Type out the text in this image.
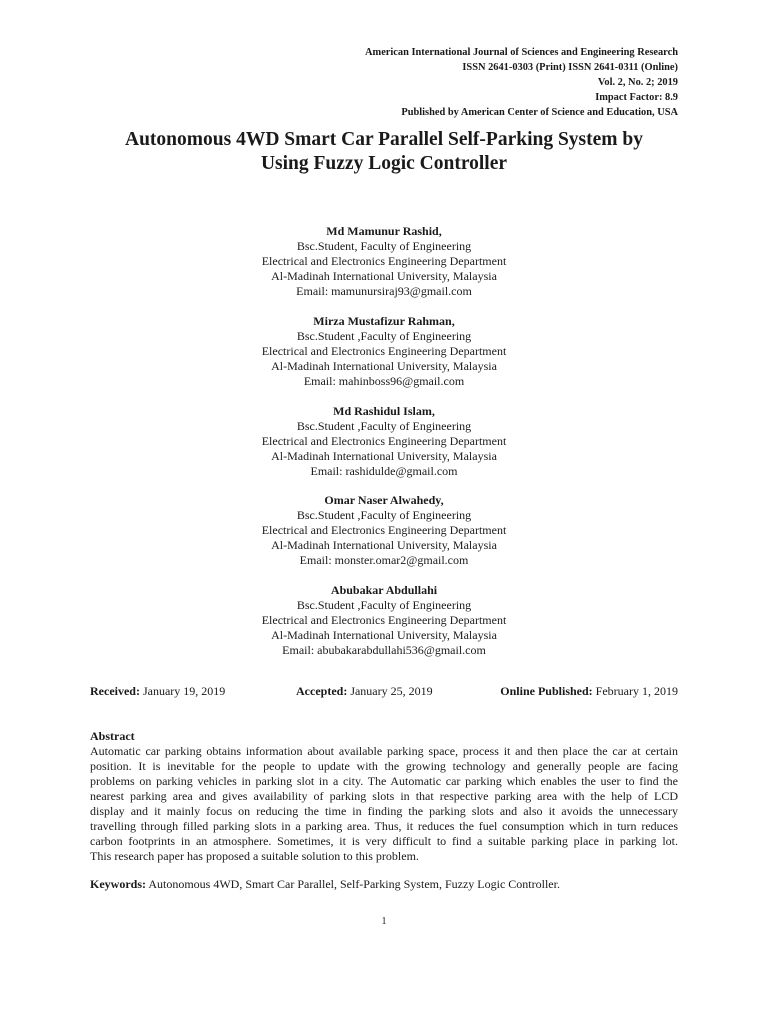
American International Journal of Sciences and Engineering Research
ISSN 2641-0303 (Print) ISSN 2641-0311 (Online)
Vol. 2, No. 2; 2019
Impact Factor: 8.9
Published by American Center of Science and Education, USA
Autonomous 4WD Smart Car Parallel Self-Parking System by
Using Fuzzy Logic Controller
Md Mamunur Rashid,
Bsc.Student, Faculty of Engineering
Electrical and Electronics Engineering Department
Al-Madinah International University, Malaysia
Email: mamunursiraj93@gmail.com
Mirza Mustafizur Rahman,
Bsc.Student ,Faculty of Engineering
Electrical and Electronics Engineering Department
Al-Madinah International University, Malaysia
Email: mahinboss96@gmail.com
Md Rashidul Islam,
Bsc.Student ,Faculty of Engineering
Electrical and Electronics Engineering Department
Al-Madinah International University, Malaysia
Email: rashidulde@gmail.com
Omar Naser Alwahedy,
Bsc.Student ,Faculty of Engineering
Electrical and Electronics Engineering Department
Al-Madinah International University, Malaysia
Email: monster.omar2@gmail.com
Abubakar Abdullahi
Bsc.Student ,Faculty of Engineering
Electrical and Electronics Engineering Department
Al-Madinah International University, Malaysia
Email: abubakarabdullahi536@gmail.com
Received: January 19, 2019	Accepted: January 25, 2019	Online Published: February 1, 2019
Abstract
Automatic car parking obtains information about available parking space, process it and then place the car at certain
position. It is inevitable for the people to update with the growing technology and generally people are facing
problems on parking vehicles in parking slot in a city. The Automatic car parking which enables the user to find the
nearest parking area and gives availability of parking slots in that respective parking area with the help of LCD
display and it mainly focus on reducing the time in finding the parking slots and also it avoids the unnecessary
travelling through filled parking slots in a parking area. Thus, it reduces the fuel consumption which in turn reduces
carbon footprints in an atmosphere. Sometimes, it is very difficult to find a suitable parking place in parking lot.
This research paper has proposed a suitable solution to this problem.
Keywords: Autonomous 4WD, Smart Car Parallel, Self-Parking System, Fuzzy Logic Controller.
1
